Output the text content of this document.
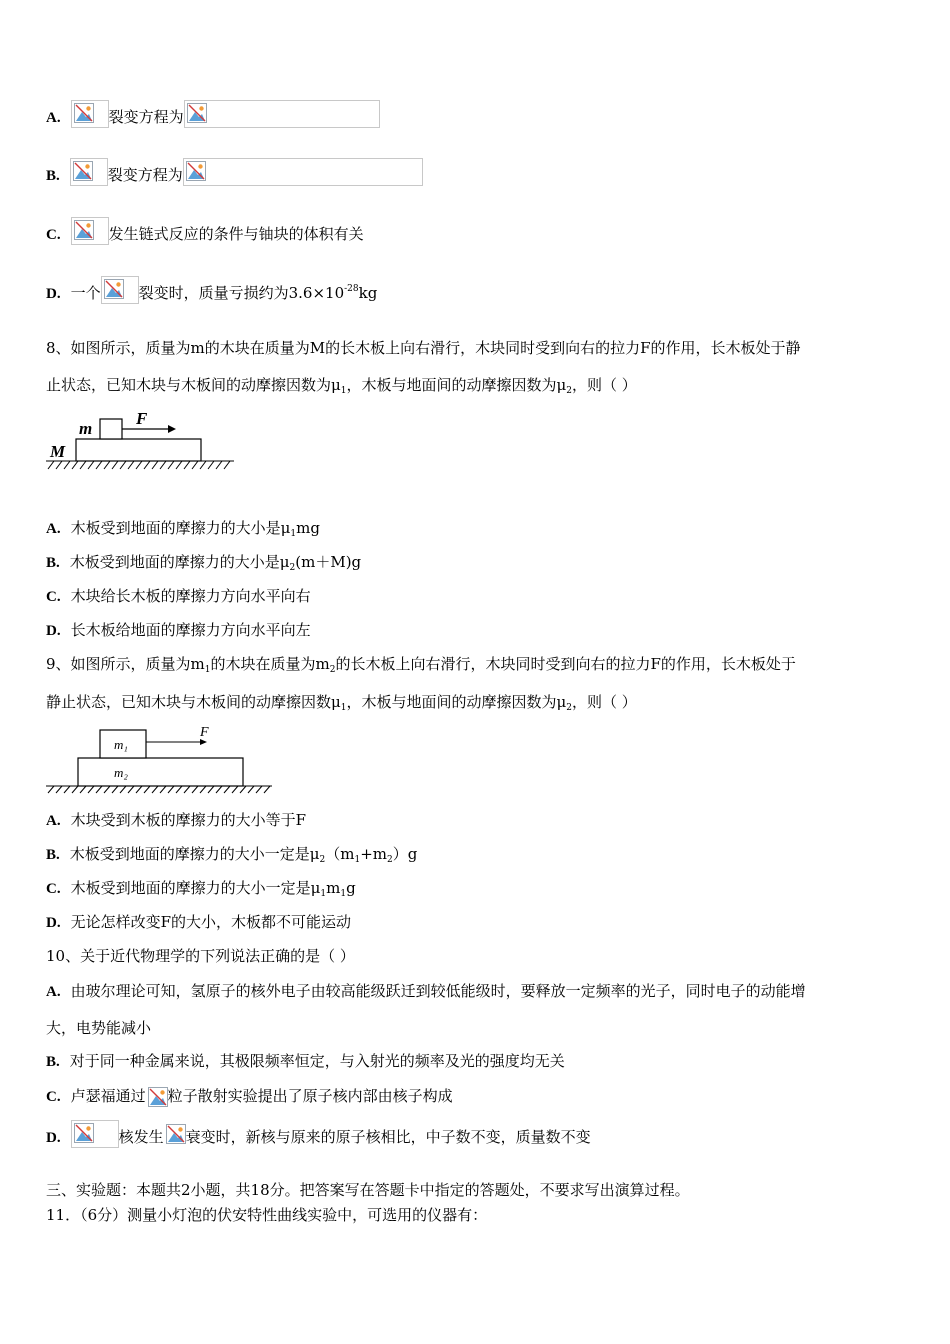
A.	裂变方程为
B.	裂变方程为
C.	发生链式反应的条件与铀块的体积有关
D. 一个	裂变时，质量亏损约为$3.6\times 10^{-28}kg$
8、如图所示，质量为m的木块在质量为M的长木板上向右滑行，木块同时受到向右的拉力F的作用，长木板处于静
止状态，已知木块与木板间的动摩擦因数为$\mu_1$，木板与地面间的动摩擦因数为$\mu_2$，则（ ）
m
F
M
A. 木板受到地面的摩擦力的大小是$\mu_1mg$
B. 木板受到地面的摩擦力的大小是$\mu_2(m+M)g$
C. 木块给长木板的摩擦力方向水平向右
D. 长木板给地面的摩擦力方向水平向左
9、如图所示，质量为$m_1$的木块在质量为$m_2$的长木板上向右滑行，木块同时受到向右的拉力F的作用，长木板处于
静止状态，已知木块与木板间的动摩擦因数$\mu_1$，木板与地面间的动摩擦因数为$\mu_2$，则（ ）
m₁
F
m₂
A. 木块受到木板的摩擦力的大小等于F
B. 木板受到地面的摩擦力的大小一定是$\mu_2(m_1+m_2)g$
C. 木板受到地面的摩擦力的大小一定是$\mu_1m_1g$
D. 无论怎样改变F的大小，木板都不可能运动
10、关于近代物理学的下列说法正确的是（ ）
A. 由玻尔理论可知，氢原子的核外电子由较高能级跃迁到较低能级时，要释放一定频率的光子，同时电子的动能增
大，电势能减小
B. 对于同一种金属来说，其极限频率恒定，与入射光的频率及光的强度均无关
C. 卢瑟福通过 粒子散射实验提出了原子核内部由核子构成
D.	核发生 衰变时，新核与原来的原子核相比，中子数不变，质量数不变
三、实验题：本题共2小题，共18分。把答案写在答题卡中指定的答题处，不要求写出演算过程。
11．（6分）测量小灯泡的伏安特性曲线实验中，可选用的仪器有：
